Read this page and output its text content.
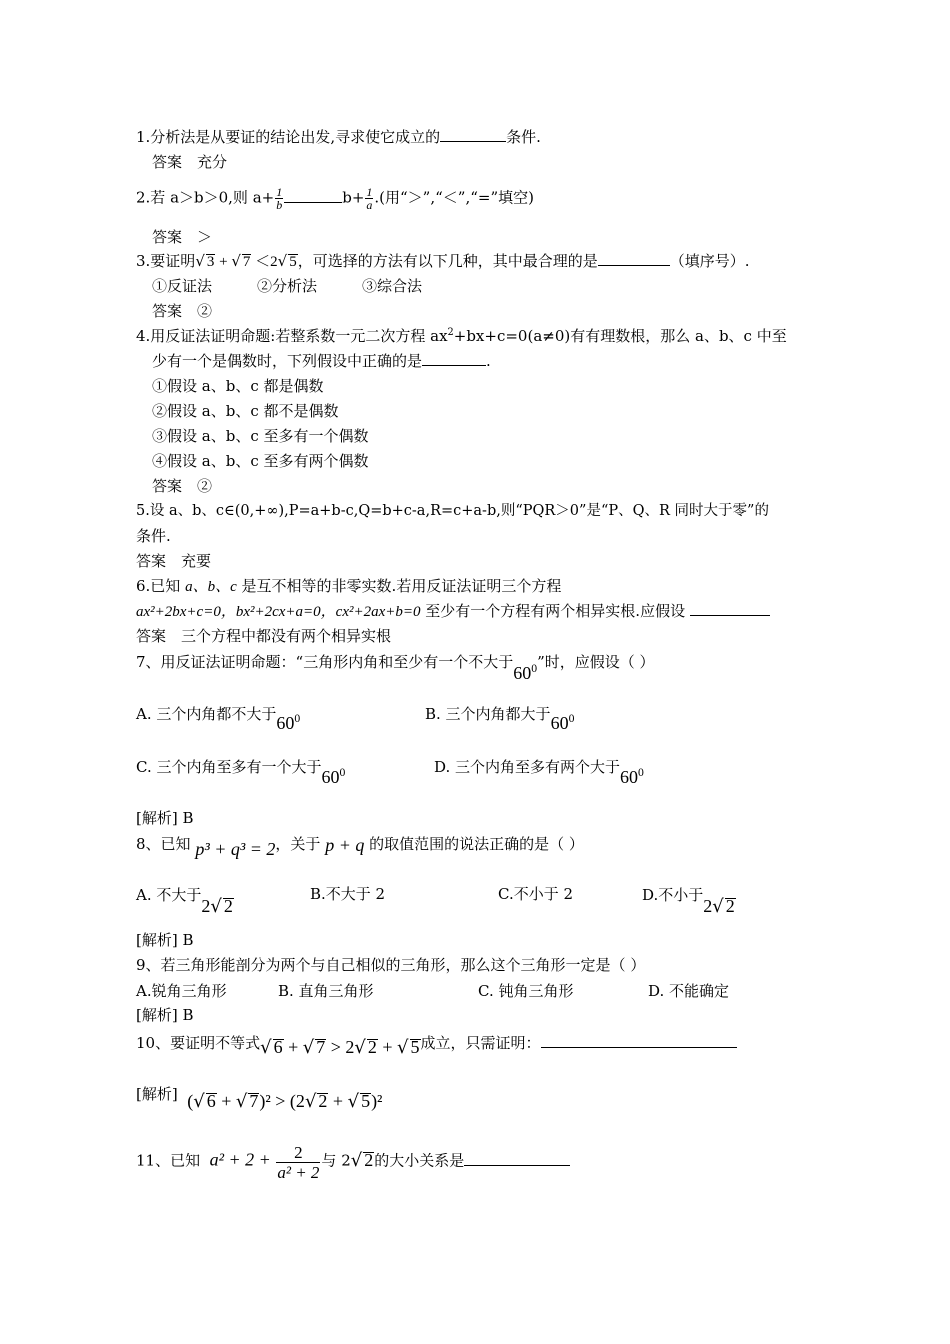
1.分析法是从要证的结论出发,寻求使它成立的	条件.
答案　充分
2.若 a＞b＞0,则 $a+ \frac{1}{b}$	$b+ \frac{1}{a}$ .(用“＞”,“＜”,“=”填空)
答案　＞
3.要证明√ 3 + √ 7 ＜2√ 5，可选择的方法有以下几种，其中最合理的是	（填序号）.
①反证法　　　②分析法　　　③综合法
答案　②
4.用反证法证明命题:若整系数一元二次方程 $ax^2+bx+c=0(a\ne 0)$有有理数根，那么 a、b、c 中至
少有一个是偶数时，下列假设中正确的是	.
①假设 a、b、c 都是偶数
②假设 a、b、c 都不是偶数
③假设 a、b、c 至多有一个偶数
④假设 a、b、c 至多有两个偶数
答案　②
5.设 a、b、c∈(0,+∞),P=a+b-c,Q=b+c-a,R=c+a-b,则“PQR＞0”是“P、Q、R 同时大于零”的
条件.
答案　充要
6.已知 a、b、c 是互不相等的非零实数.若用反证法证明三个方程
ax²+2bx+c=0，bx²+2cx+a=0，cx²+2ax+b=0 至少有一个方程有两个相异实根.应假设
答案　三个方程中都没有两个相异实根
7、用反证法证明命题：“三角形内角和至少有一个不大于$60^0$”时，应假设（ ）
A. 三个内角都不大于$60^0$	B. 三个内角都大于$60^0$
C. 三个内角至多有一个大于$60^0$	D. 三个内角至多有两个大于$60^0$
[解析] B
8、已知 p³ + q³ = 2，关于 p + q 的取值范围的说法正确的是（ ）
A. 不大于2√ 2
B.不大于 2	C.不小于 2	D.不小于2√ 2
[解析] B
9、若三角形能剖分为两个与自己相似的三角形，那么这个三角形一定是（ ）
A.锐角三角形	B. 直角三角形	C. 钝角三角形	D. 不能确定
[解析] B
10、要证明不等式√ 6 + √ 7 > 2√ 2 + √ 5成立，只需证明：
[解析] (√ 6 + √ 7)² > (2√ 2 + √ 5)²
11、已知 $a^2 + 2 + \frac{2}{\text{a² + 2}}$ 与 2√ 2的大小关系是
